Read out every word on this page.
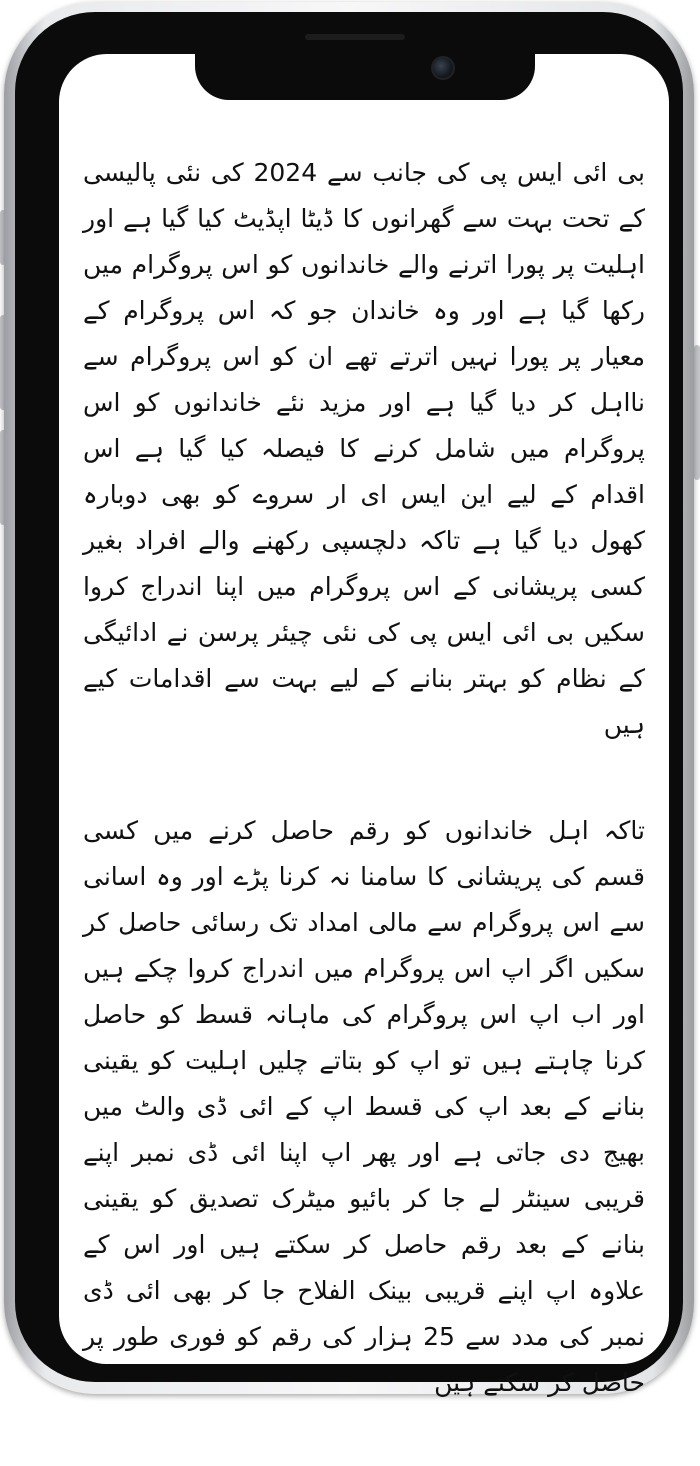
بی ائی ایس پی کی جانب سے 2024 کی نئی پالیسی کے تحت بہت سے گھرانوں کا ڈیٹا اپڈیٹ کیا گیا ہے اور اہلیت پر پورا اترنے والے خاندانوں کو اس پروگرام میں رکھا گیا ہے اور وہ خاندان جو کہ اس پروگرام کے معیار پر پورا نہیں اترتے تھے ان کو اس پروگرام سے نااہل کر دیا گیا ہے اور مزید نئے خاندانوں کو اس پروگرام میں شامل کرنے کا فیصلہ کیا گیا ہے اس اقدام کے لیے این ایس ای ار سروے کو بھی دوبارہ کھول دیا گیا ہے تاکہ دلچسپی رکھنے والے افراد بغیر کسی پریشانی کے اس پروگرام میں اپنا اندراج کروا سکیں بی ائی ایس پی کی نئی چیئر پرسن نے ادائیگی کے نظام کو بہتر بنانے کے لیے بہت سے اقدامات کیے ہیں

تاکہ اہل خاندانوں کو رقم حاصل کرنے میں کسی قسم کی پریشانی کا سامنا نہ کرنا پڑے اور وہ اسانی سے اس پروگرام سے مالی امداد تک رسائی حاصل کر سکیں اگر اپ اس پروگرام میں اندراج کروا چکے ہیں اور اب اپ اس پروگرام کی ماہانہ قسط کو حاصل کرنا چاہتے ہیں تو اپ کو بتاتے چلیں اہلیت کو یقینی بنانے کے بعد اپ کی قسط اپ کے ائی ڈی والٹ میں بھیج دی جاتی ہے اور پھر اپ اپنا ائی ڈی نمبر اپنے قریبی سینٹر لے جا کر بائیو میٹرک تصدیق کو یقینی بنانے کے بعد رقم حاصل کر سکتے ہیں اور اس کے علاوہ اپ اپنے قریبی بینک الفلاح جا کر بھی ائی ڈی نمبر کی مدد سے 25 ہزار کی رقم کو فوری طور پر حاصل کر سکتے ہیں
